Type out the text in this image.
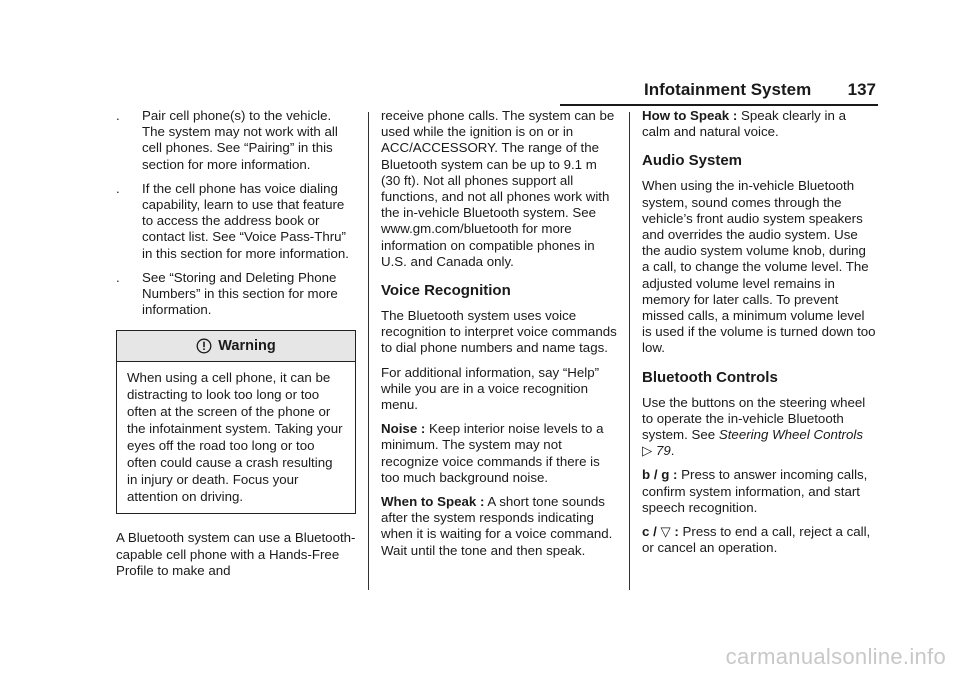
Infotainment System 137
. Pair cell phone(s) to the vehicle. The system may not work with all cell phones. See “Pairing” in this section for more information.
. If the cell phone has voice dialing capability, learn to use that feature to access the address book or contact list. See “Voice Pass-Thru” in this section for more information.
. See “Storing and Deleting Phone Numbers” in this section for more information.
Warning
When using a cell phone, it can be distracting to look too long or too often at the screen of the phone or the infotainment system. Taking your eyes off the road too long or too often could cause a crash resulting in injury or death. Focus your attention on driving.

A Bluetooth system can use a Bluetooth-capable cell phone with a Hands-Free Profile to make and

receive phone calls. The system can be used while the ignition is on or in ACC/ACCESSORY. The range of the Bluetooth system can be up to 9.1 m (30 ft). Not all phones support all functions, and not all phones work with the in-vehicle Bluetooth system. See www.gm.com/bluetooth for more information on compatible phones in U.S. and Canada only.

Voice Recognition

The Bluetooth system uses voice recognition to interpret voice commands to dial phone numbers and name tags.

For additional information, say “Help” while you are in a voice recognition menu.

Noise : Keep interior noise levels to a minimum. The system may not recognize voice commands if there is too much background noise.

When to Speak : A short tone sounds after the system responds indicating when it is waiting for a voice command. Wait until the tone and then speak.

How to Speak : Speak clearly in a calm and natural voice.

Audio System

When using the in-vehicle Bluetooth system, sound comes through the vehicle’s front audio system speakers and overrides the audio system. Use the audio system volume knob, during a call, to change the volume level. The adjusted volume level remains in memory for later calls. To prevent missed calls, a minimum volume level is used if the volume is turned down too low.

Bluetooth Controls

Use the buttons on the steering wheel to operate the in-vehicle Bluetooth system. See Steering Wheel Controls ▷ 79.

b / g : Press to answer incoming calls, confirm system information, and start speech recognition.

c / ▽ : Press to end a call, reject a call, or cancel an operation.

carmanualsonline.info
